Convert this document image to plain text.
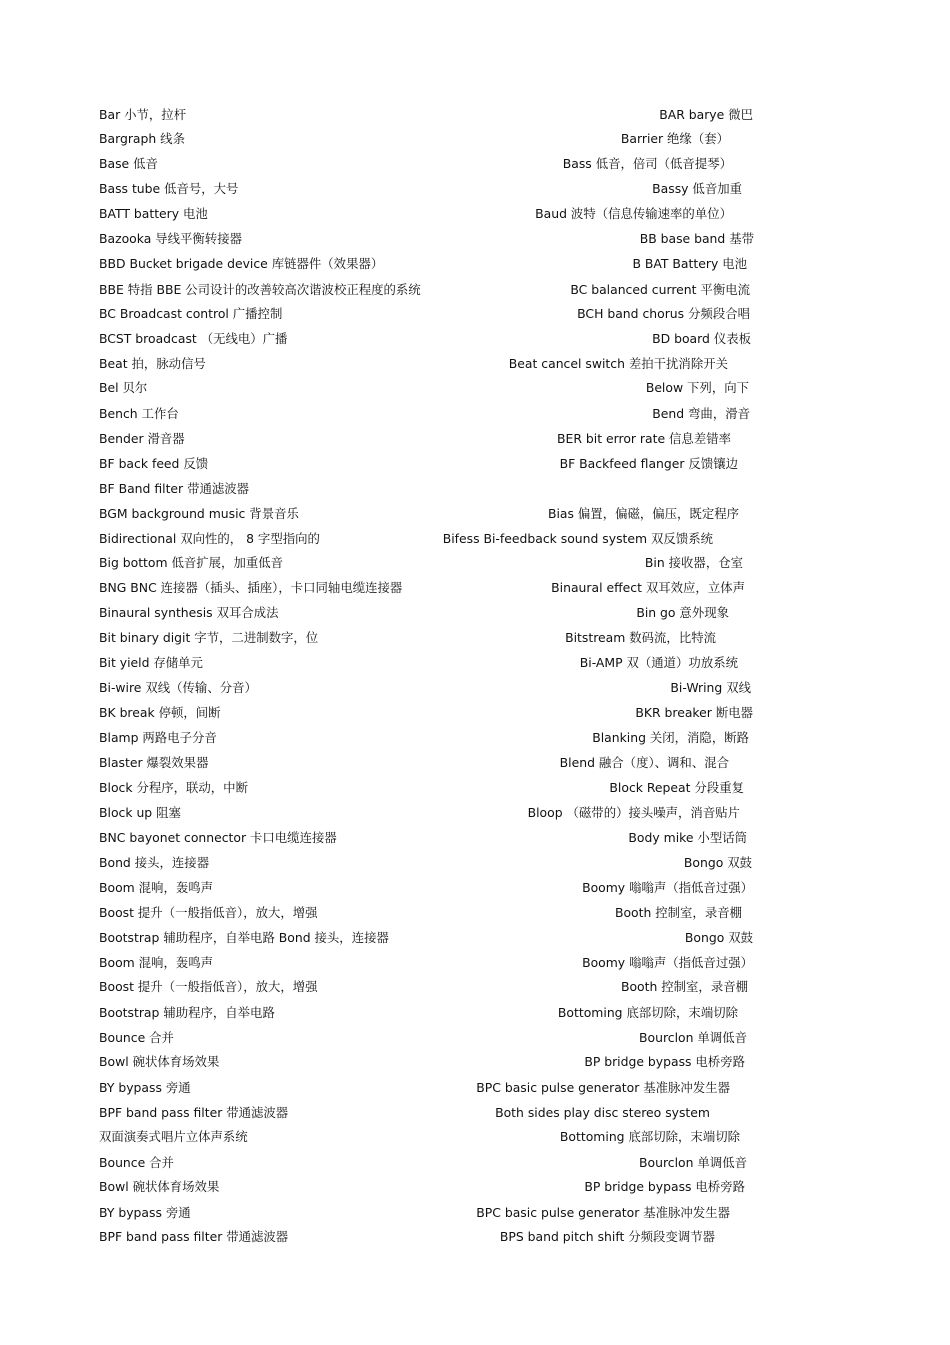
Bar 小节，拉杆	BAR barye 微巴
Bargraph 线条	Barrier 绝缘（套）
Base 低音	Bass 低音，倍司（低音提琴）
Bass tube 低音号，大号	Bassy 低音加重
BATT battery 电池	Baud 波特（信息传输速率的单位）
Bazooka 导线平衡转接器	BB base band 基带
BBD Bucket brigade device 库链器件（效果器）	B BAT Battery 电池
BBE 特指 BBE 公司设计的改善较高次谐波校正程度的系统	BC balanced current 平衡电流
BC Broadcast control 广播控制	BCH band chorus 分频段合唱
BCST broadcast （无线电）广播	BD board 仪表板
Beat 拍，脉动信号	Beat cancel switch 差拍干扰消除开关
Bel 贝尔	Below 下列，向下
Bench 工作台	Bend 弯曲，滑音
Bender 滑音器	BER bit error rate 信息差错率
BF back feed 反馈	BF Backfeed flanger 反馈镶边
BF Band filter 带通滤波器
BGM background music 背景音乐	Bias 偏置，偏磁，偏压，既定程序
Bidirectional 双向性的， 8 字型指向的	Bifess Bi-feedback sound system 双反馈系统
Big bottom 低音扩展，加重低音	Bin 接收器，仓室
BNG BNC 连接器（插头、插座），卡口同轴电缆连接器	Binaural effect 双耳效应，立体声
Binaural synthesis 双耳合成法	Bin go 意外现象
Bit binary digit 字节，二进制数字，位	Bitstream 数码流，比特流
Bit yield 存储单元	Bi-AMP 双（通道）功放系统
Bi-wire 双线（传输、分音）	Bi-Wring 双线
BK break 停顿，间断	BKR breaker 断电器
Blamp 两路电子分音	Blanking 关闭，消隐，断路
Blaster 爆裂效果器	Blend 融合（度）、调和、混合
Block 分程序，联动，中断	Block Repeat 分段重复
Block up 阻塞	Bloop （磁带的）接头噪声，消音贴片
BNC bayonet connector 卡口电缆连接器	Body mike 小型话筒
Bond 接头，连接器	Bongo 双鼓
Boom 混响，轰鸣声	Boomy 嗡嗡声（指低音过强）
Boost 提升（一般指低音），放大，增强	Booth 控制室，录音棚
Bootstrap 辅助程序，自举电路 Bond 接头，连接器	Bongo 双鼓
Boom 混响，轰鸣声	Boomy 嗡嗡声（指低音过强）
Boost 提升（一般指低音），放大，增强	Booth 控制室，录音棚
Bootstrap 辅助程序，自举电路	Bottoming 底部切除，末端切除
Bounce 合并	Bourclon 单调低音
Bowl 碗状体育场效果	BP bridge bypass 电桥旁路
BY bypass 旁通	BPC basic pulse generator 基准脉冲发生器
BPF band pass filter 带通滤波器	Both sides play disc stereo system
双面演奏式唱片立体声系统	Bottoming 底部切除，末端切除
Bounce 合并	Bourclon 单调低音
Bowl 碗状体育场效果	BP bridge bypass 电桥旁路
BY bypass 旁通	BPC basic pulse generator 基准脉冲发生器
BPF band pass filter 带通滤波器	BPS band pitch shift 分频段变调节器
